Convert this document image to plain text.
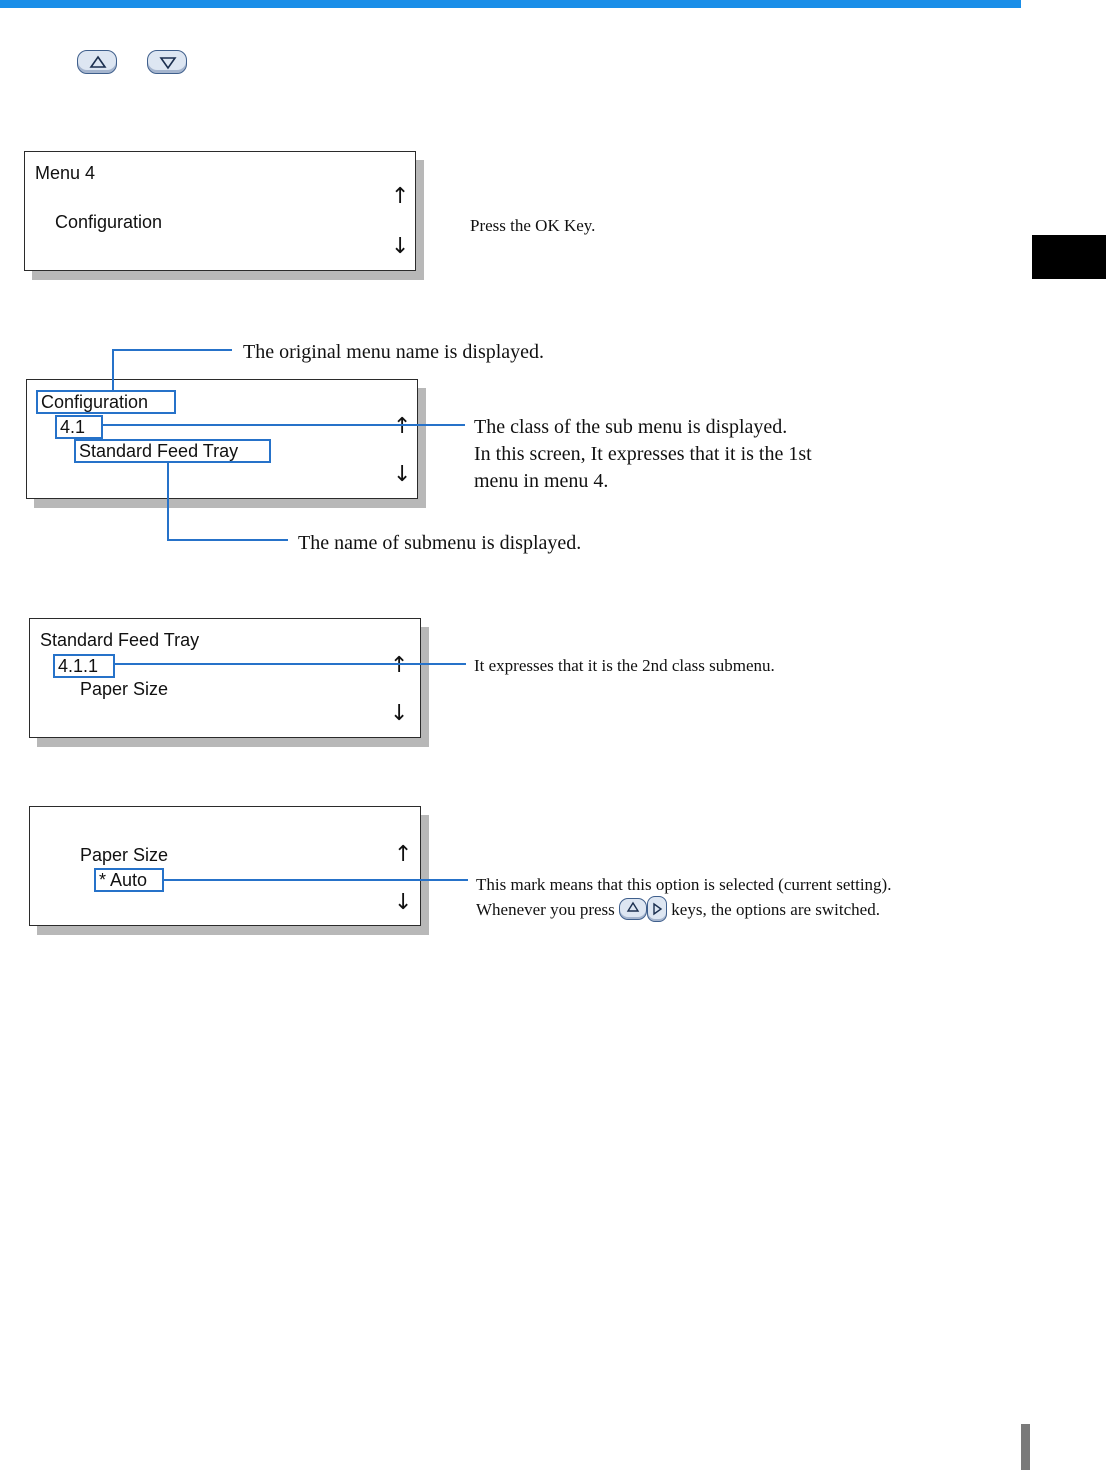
Menu 4
Configuration
↑
↓
Press the OK Key.
Configuration
4.1
Standard Feed Tray
↑
↓
The original menu name is displayed.
The class of the sub menu is displayed.
In this screen, It expresses that it is the 1st
menu in menu 4.
The name of submenu is displayed.
Standard Feed Tray
4.1.1
Paper Size
↑
↓
It expresses that it is the 2nd class submenu.
Paper Size
* Auto
↑
↓
This mark means that this option is selected (current setting).
Whenever you press	keys, the options are switched.
